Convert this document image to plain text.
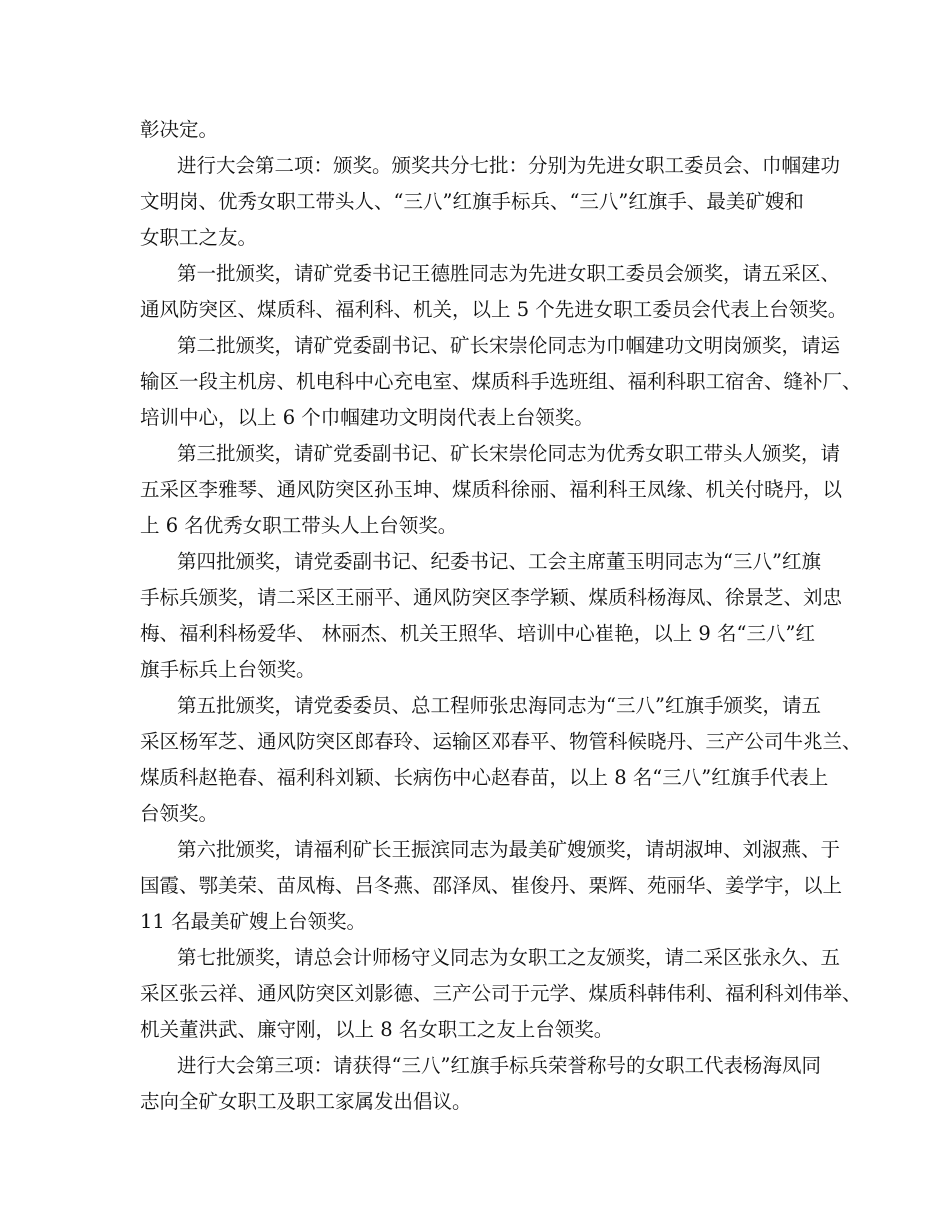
彰决定。

进行大会第二项：颁奖。颁奖共分七批：分别为先进女职工委员会、巾帼建功

文明岗、优秀女职工带头人、“三八”红旗手标兵、“三八”红旗手、最美矿嫂和

女职工之友。

第一批颁奖，请矿党委书记王德胜同志为先进女职工委员会颁奖，请五采区、

通风防突区、煤质科、福利科、机关，以上 5 个先进女职工委员会代表上台领奖。

第二批颁奖，请矿党委副书记、矿长宋崇伦同志为巾帼建功文明岗颁奖，请运

输区一段主机房、机电科中心充电室、煤质科手选班组、福利科职工宿舍、缝补厂、

培训中心，以上 6 个巾帼建功文明岗代表上台领奖。

第三批颁奖，请矿党委副书记、矿长宋崇伦同志为优秀女职工带头人颁奖，请

五采区李雅琴、通风防突区孙玉坤、煤质科徐丽、福利科王凤缘、机关付晓丹，以

上 6 名优秀女职工带头人上台领奖。

第四批颁奖，请党委副书记、纪委书记、工会主席董玉明同志为“三八”红旗

手标兵颁奖，请二采区王丽平、通风防突区李学颖、煤质科杨海凤、徐景芝、刘忠

梅、福利科杨爱华、 林丽杰、机关王照华、培训中心崔艳，以上 9 名“三八”红

旗手标兵上台领奖。

第五批颁奖，请党委委员、总工程师张忠海同志为“三八”红旗手颁奖，请五

采区杨军芝、通风防突区郎春玲、运输区邓春平、物管科候晓丹、三产公司牛兆兰、

煤质科赵艳春、福利科刘颖、长病伤中心赵春苗，以上 8 名“三八”红旗手代表上

台领奖。

第六批颁奖，请福利矿长王振滨同志为最美矿嫂颁奖，请胡淑坤、刘淑燕、于

国霞、鄂美荣、苗凤梅、吕冬燕、邵泽凤、崔俊丹、栗辉、苑丽华、姜学宇，以上

11 名最美矿嫂上台领奖。

第七批颁奖，请总会计师杨守义同志为女职工之友颁奖，请二采区张永久、五

采区张云祥、通风防突区刘影德、三产公司于元学、煤质科韩伟利、福利科刘伟举、

机关董洪武、廉守刚，以上 8 名女职工之友上台领奖。

进行大会第三项：请获得“三八”红旗手标兵荣誉称号的女职工代表杨海凤同

志向全矿女职工及职工家属发出倡议。
